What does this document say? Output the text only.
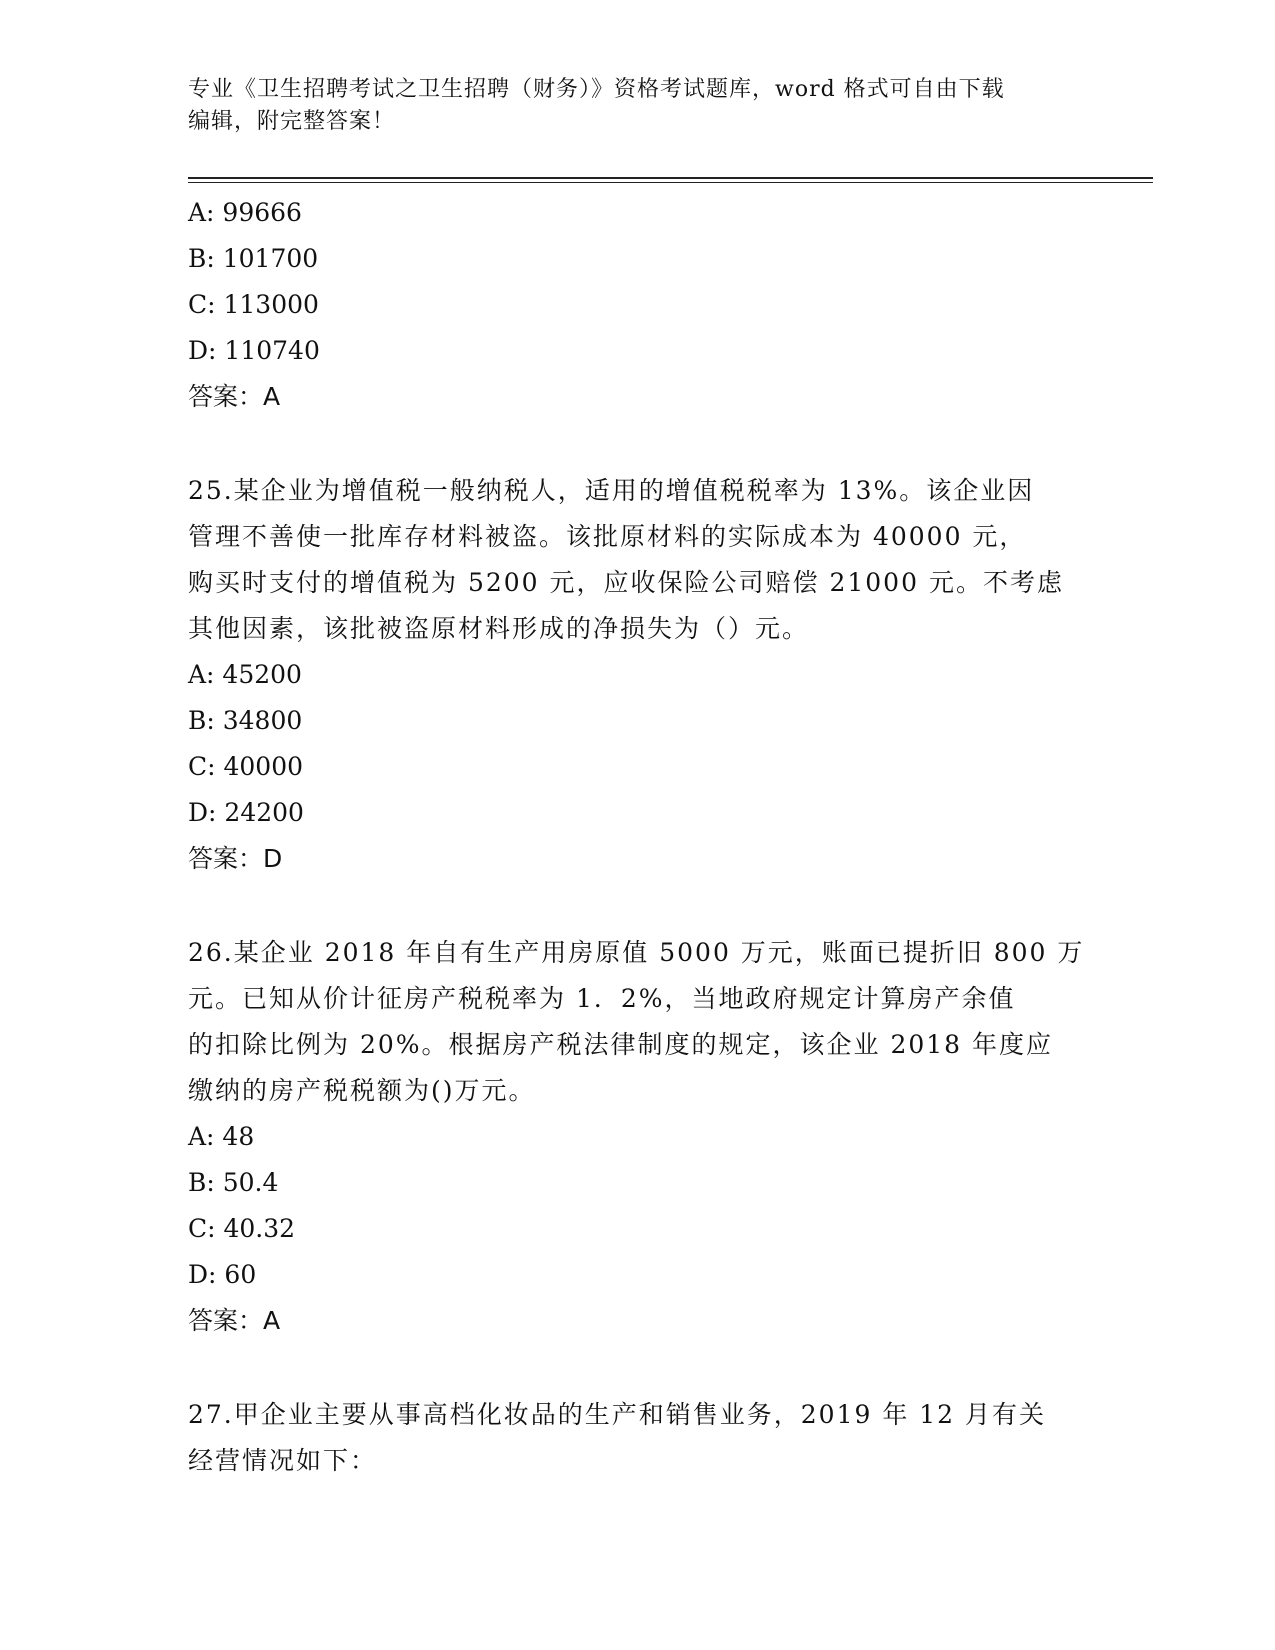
专业《卫生招聘考试之卫生招聘（财务）》资格考试题库，word 格式可自由下载
编辑，附完整答案！
A: 99666
B: 101700
C: 113000
D: 110740
答案：A
25.某企业为增值税一般纳税人，适用的增值税税率为 13%。该企业因
管理不善使一批库存材料被盗。该批原材料的实际成本为 40000 元，
购买时支付的增值税为 5200 元，应收保险公司赔偿 21000 元。不考虑
其他因素，该批被盗原材料形成的净损失为（）元。
A: 45200
B: 34800
C: 40000
D: 24200
答案：D
26.某企业 2018 年自有生产用房原值 5000 万元，账面已提折旧 800 万
元。已知从价计征房产税税率为 1．2%，当地政府规定计算房产余值
的扣除比例为 20%。根据房产税法律制度的规定，该企业 2018 年度应
缴纳的房产税税额为()万元。
A: 48
B: 50.4
C: 40.32
D: 60
答案：A
27.甲企业主要从事高档化妆品的生产和销售业务，2019 年 12 月有关
经营情况如下：
